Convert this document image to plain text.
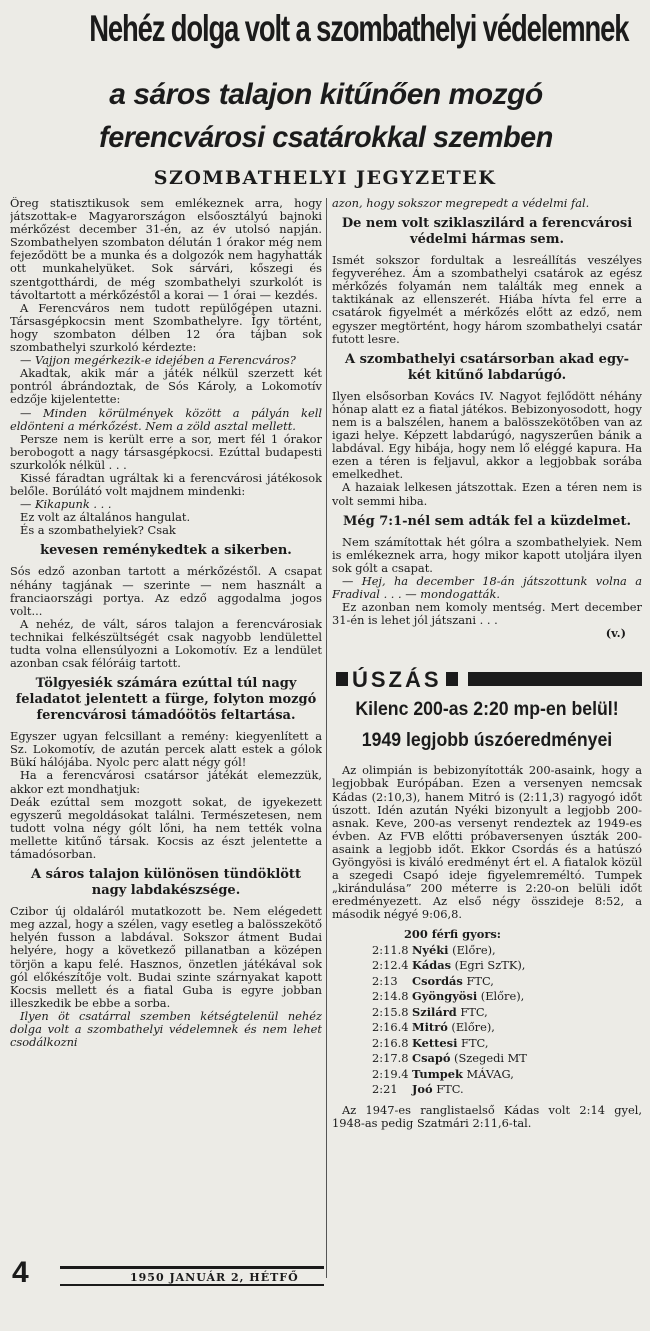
Nehéz dolga volt a szombathelyi védelemnek
a sáros talajon kitűnően mozgó
ferencvárosi csatárokkal szemben
SZOMBATHELYI JEGYZETEK

Öreg statisztikusok sem emlékeznek arra, hogy játszottak-e Magyarországon elsőosztályú bajnoki mérkőzést december 31-én, az év utolsó napján. Szombathelyen szombaton délután 1 órakor még nem fejeződött be a munka és a dolgozók nem hagyhatták ott munkahelyüket. Sok sárvári, kőszegi és szentgotthárdi, de még szombathelyi szurkolót is távoltartott a mérkőzéstől a korai — 1 órai — kezdés.

A Ferencváros nem tudott repülőgépen utazni. Társasgépkocsin ment Szombathelyre. Így történt, hogy szombaton délben 12 óra tájban sok szombathelyi szurkoló kérdezte:

— Vajjon megérkezik-e idejében a Ferencváros?

Akadtak, akik már a játék nélkül szerzett két pontról ábrándoztak, de Sós Károly, a Lokomotív edzője kijelentette:

— Minden körülmények között a pályán kell eldönteni a mérkőzést. Nem a zöld asztal mellett.

Persze nem is került erre a sor, mert fél 1 órakor berobogott a nagy társasgépkocsi. Ezúttal budapesti szurkolók nélkül . . .

Kissé fáradtan ugráltak ki a ferencvárosi játékosok belőle. Borúlátó volt majdnem mindenki:

— Kikapunk . . .

Ez volt az általános hangulat.

És a szombathelyiek? Csak

kevesen reménykedtek a sikerben.

Sós edző azonban tartott a mérkőzéstől. A csapat néhány tagjának — szerinte — nem használt a franciaországi portya. Az edző aggodalma jogos volt...

A nehéz, de vált, sáros talajon a ferencvárosiak technikai felkészültségét csak nagyobb lendülettel tudta volna ellensúlyozni a Lokomotív. Ez a lendület azonban csak félóráig tartott.

Tölgyesiék számára ezúttal túl nagy feladatot jelentett a fürge, folyton mozgó ferencvárosi támadóötös feltartása.

Egyszer ugyan felcsillant a remény: kiegyenlített a Sz. Lokomotív, de azután percek alatt estek a gólok Bükí hálójába. Nyolc perc alatt négy gól!

Ha a ferencvárosi csatársor játékát elemezzük, akkor ezt mondhatjuk:

Deák ezúttal sem mozgott sokat, de igyekezett egyszerű megoldásokat találni. Természetesen, nem tudott volna négy gólt lőni, ha nem tették volna mellette kitűnő társak. Kocsis az észt jelentette a támadósorban.

A sáros talajon különösen tündöklött nagy labdakészsége.

Czibor új oldaláról mutatkozott be. Nem elégedett meg azzal, hogy a szélen, vagy esetleg a balösszekötő helyén fusson a labdával. Sokszor átment Budai helyére, hogy a következő pillanatban a középen törjön a kapu felé. Hasznos, önzetlen játékával sok gól előkészítője volt. Budai szinte szárnyakat kapott Kocsis mellett és a fiatal Guba is egyre jobban illeszkedik be ebbe a sorba.

Ilyen öt csatárral szemben kétségtelenül nehéz dolga volt a szombathelyi védelemnek és nem lehet csodálkozni

azon, hogy sokszor megrepedt a védelmi fal.

De nem volt sziklaszilárd a ferencvárosi védelmi hármas sem.

Ismét sokszor fordultak a lesreállítás veszélyes fegyveréhez. Ám a szombathelyi csatárok az egész mérkőzés folyamán nem találták meg ennek a taktikának az ellenszerét. Hiába hívta fel erre a csatárok figyelmét a mérkőzés előtt az edző, nem egyszer megtörtént, hogy három szombathelyi csatár futott lesre.

A szombathelyi csatársorban akad egy-két kitűnő labdarúgó.

Ilyen elsősorban Kovács IV. Nagyot fejlődött néhány hónap alatt ez a fiatal játékos. Bebizonyosodott, hogy nem is a balszélen, hanem a balösszekötőben van az igazi helye. Képzett labdarúgó, nagyszerűen bánik a labdával. Egy hibája, hogy nem lő eléggé kapura. Ha ezen a téren is feljavul, akkor a legjobbak sorába emelkedhet.

A hazaiak lelkesen játszottak. Ezen a téren nem is volt semmi hiba.

Még 7:1-nél sem adták fel a küzdelmet.

Nem számítottak hét gólra a szombathelyiek. Nem is emlékeznek arra, hogy mikor kapott utoljára ilyen sok gólt a csapat.

— Hej, ha december 18-án játszottunk volna a Fradival . . . — mondogatták.

Ez azonban nem komoly mentség. Mert december 31-én is lehet jól játszani . . .

(v.)
ÚSZÁS
Kilenc 200-as 2:20 mp-en belül!
1949 legjobb úszóeredményei

Az olimpián is bebizonyították 200-asaink, hogy a legjobbak Európában. Ezen a versenyen nemcsak Kádas (2:10,3), hanem Mitró is (2:11,3) ragyogó időt úszott. Idén azután Nyéki bizonyult a legjobb 200-asnak. Keve, 200-as versenyt rendeztek az 1949-es évben. Az FVB előtti próbaversenyen úszták 200-asaink a legjobb időt. Ekkor Csordás és a hatúszó Gyöngyösi is kiváló eredményt ért el. A fiatalok közül a szegedi Csapó ideje figyelemreméltó. Tumpek „kirándulása” 200 méterre is 2:20-on belüli időt eredményezett. Az első négy összideje 8:52, a második négyé 9:06,8.

200 férfi gyors:
2:11.8 Nyéki (Előre),
2:12.4 Kádas (Egri SzTK),
2:13 Csordás FTC,
2:14.8 Gyöngyösi (Előre),
2:15.8 Szilárd FTC,
2:16.4 Mitró (Előre),
2:16.8 Kettesi FTC,
2:17.8 Csapó (Szegedi MT
2:19.4 Tumpek MÁVAG,
2:21 Joó FTC.

Az 1947-es ranglistaelső Kádas volt 2:14 gyel, 1948-as pedig Szatmári 2:11,6-tal.

4	1950 JANUÁR 2, HÉTFŐ
